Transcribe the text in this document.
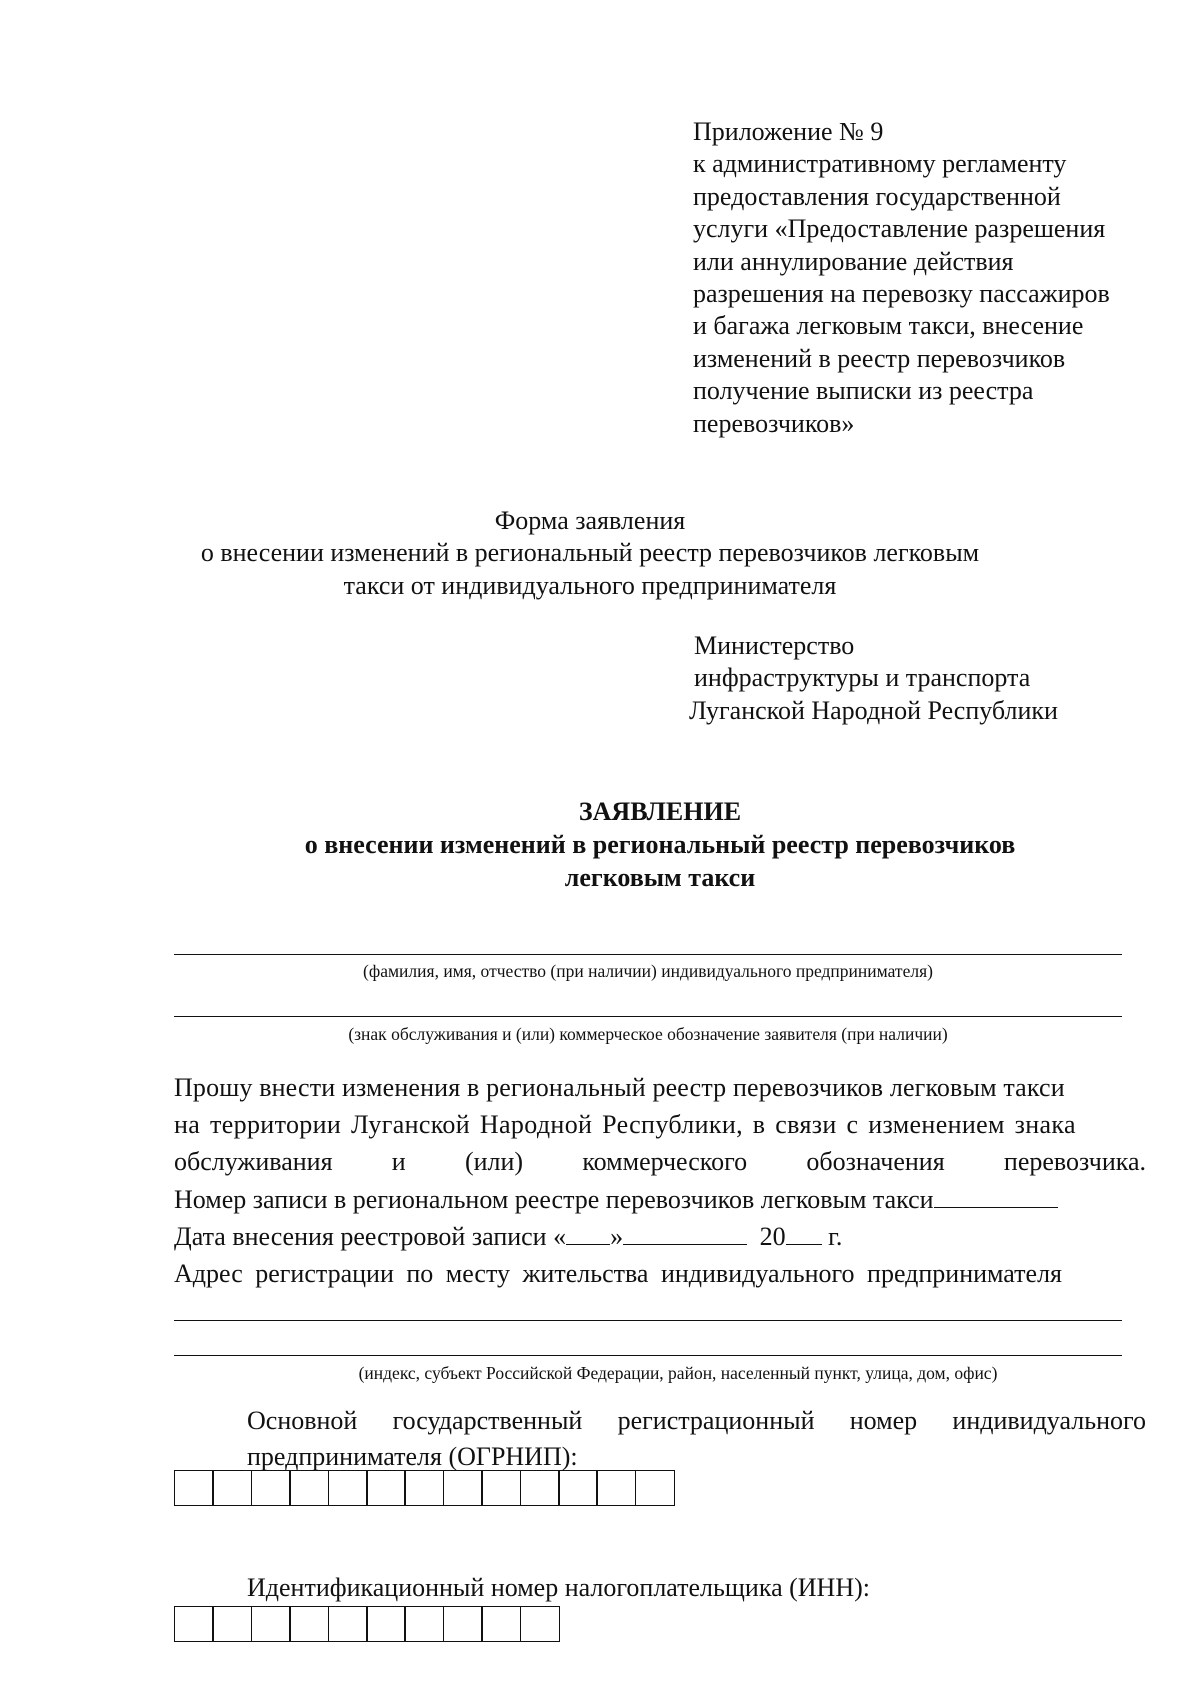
Приложение № 9
к административному регламенту
предоставления государственной
услуги «Предоставление разрешения
или аннулирование действия
разрешения на перевозку пассажиров
и багажа легковым такси, внесение
изменений в реестр перевозчиков
получение выписки из реестра
перевозчиков»
Форма заявления
о внесении изменений в региональный реестр перевозчиков легковым
такси от индивидуального предпринимателя
Министерство
инфраструктуры и транспорта
Луганской Народной Республики
ЗАЯВЛЕНИЕ
о внесении изменений в региональный реестр перевозчиков
легковым такси
(фамилия, имя, отчество (при наличии) индивидуального предпринимателя)
(знак обслуживания и (или) коммерческое обозначение заявителя (при наличии)
Прошу внести изменения в региональный реестр перевозчиков легковым такси
на территории Луганской Народной Республики, в связи с изменением знака
обслуживания и (или) коммерческого обозначения перевозчика.
Номер записи в региональном реестре перевозчиков легковым такси
Дата внесения реестровой записи « »	20 г.
Адрес регистрации по месту жительства индивидуального предпринимателя
(индекс, субъект Российской Федерации, район, населенный пункт, улица, дом, офис)
Основной государственный регистрационный номер индивидуального
предпринимателя (ОГРНИП):
Идентификационный номер налогоплательщика (ИНН):
